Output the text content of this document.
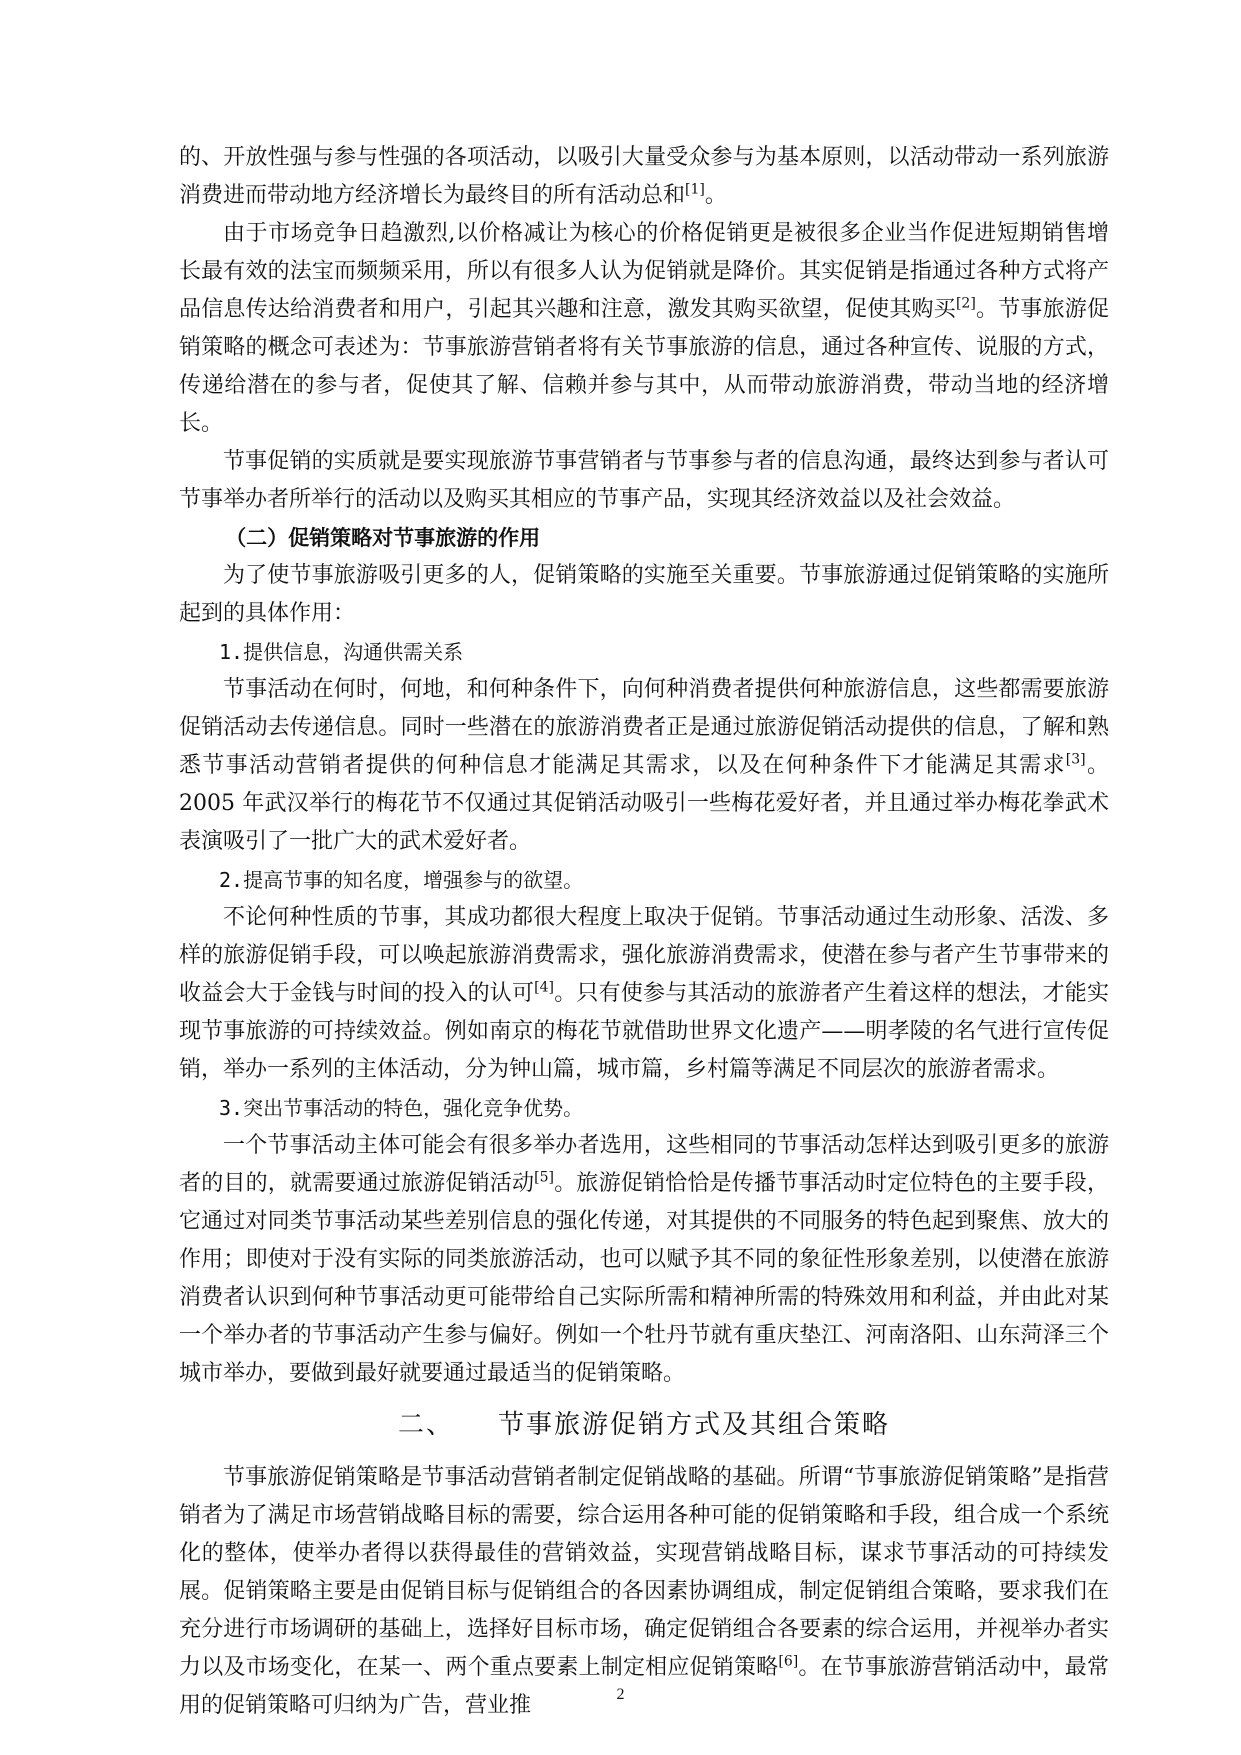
的、开放性强与参与性强的各项活动，以吸引大量受众参与为基本原则，以活动带动一系列旅游消费进而带动地方经济增长为最终目的所有活动总和[1]。

由于市场竞争日趋激烈,以价格减让为核心的价格促销更是被很多企业当作促进短期销售增长最有效的法宝而频频采用，所以有很多人认为促销就是降价。其实促销是指通过各种方式将产品信息传达给消费者和用户，引起其兴趣和注意，激发其购买欲望，促使其购买[2]。节事旅游促销策略的概念可表述为：节事旅游营销者将有关节事旅游的信息，通过各种宣传、说服的方式，传递给潜在的参与者，促使其了解、信赖并参与其中，从而带动旅游消费，带动当地的经济增长。

节事促销的实质就是要实现旅游节事营销者与节事参与者的信息沟通，最终达到参与者认可节事举办者所举行的活动以及购买其相应的节事产品，实现其经济效益以及社会效益。

（二）促销策略对节事旅游的作用

为了使节事旅游吸引更多的人，促销策略的实施至关重要。节事旅游通过促销策略的实施所起到的具体作用：

1.提供信息，沟通供需关系

节事活动在何时，何地，和何种条件下，向何种消费者提供何种旅游信息，这些都需要旅游促销活动去传递信息。同时一些潜在的旅游消费者正是通过旅游促销活动提供的信息，了解和熟悉节事活动营销者提供的何种信息才能满足其需求，以及在何种条件下才能满足其需求[3]。2005 年武汉举行的梅花节不仅通过其促销活动吸引一些梅花爱好者，并且通过举办梅花拳武术表演吸引了一批广大的武术爱好者。

2.提高节事的知名度，增强参与的欲望。

不论何种性质的节事，其成功都很大程度上取决于促销。节事活动通过生动形象、活泼、多样的旅游促销手段，可以唤起旅游消费需求，强化旅游消费需求，使潜在参与者产生节事带来的收益会大于金钱与时间的投入的认可[4]。只有使参与其活动的旅游者产生着这样的想法，才能实现节事旅游的可持续效益。例如南京的梅花节就借助世界文化遗产——明孝陵的名气进行宣传促销，举办一系列的主体活动，分为钟山篇，城市篇，乡村篇等满足不同层次的旅游者需求。

3.突出节事活动的特色，强化竞争优势。

一个节事活动主体可能会有很多举办者选用，这些相同的节事活动怎样达到吸引更多的旅游者的目的，就需要通过旅游促销活动[5]。旅游促销恰恰是传播节事活动时定位特色的主要手段，它通过对同类节事活动某些差别信息的强化传递，对其提供的不同服务的特色起到聚焦、放大的作用；即使对于没有实际的同类旅游活动，也可以赋予其不同的象征性形象差别，以使潜在旅游消费者认识到何种节事活动更可能带给自己实际所需和精神所需的特殊效用和利益，并由此对某一个举办者的节事活动产生参与偏好。例如一个牡丹节就有重庆垫江、河南洛阳、山东菏泽三个城市举办，要做到最好就要通过最适当的促销策略。

二、 节事旅游促销方式及其组合策略

节事旅游促销策略是节事活动营销者制定促销战略的基础。所谓“节事旅游促销策略”是指营销者为了满足市场营销战略目标的需要，综合运用各种可能的促销策略和手段，组合成一个系统化的整体，使举办者得以获得最佳的营销效益，实现营销战略目标，谋求节事活动的可持续发展。促销策略主要是由促销目标与促销组合的各因素协调组成，制定促销组合策略，要求我们在充分进行市场调研的基础上，选择好目标市场，确定促销组合各要素的综合运用，并视举办者实力以及市场变化，在某一、两个重点要素上制定相应促销策略[6]。在节事旅游营销活动中，最常用的促销策略可归纳为广告，营业推	2
